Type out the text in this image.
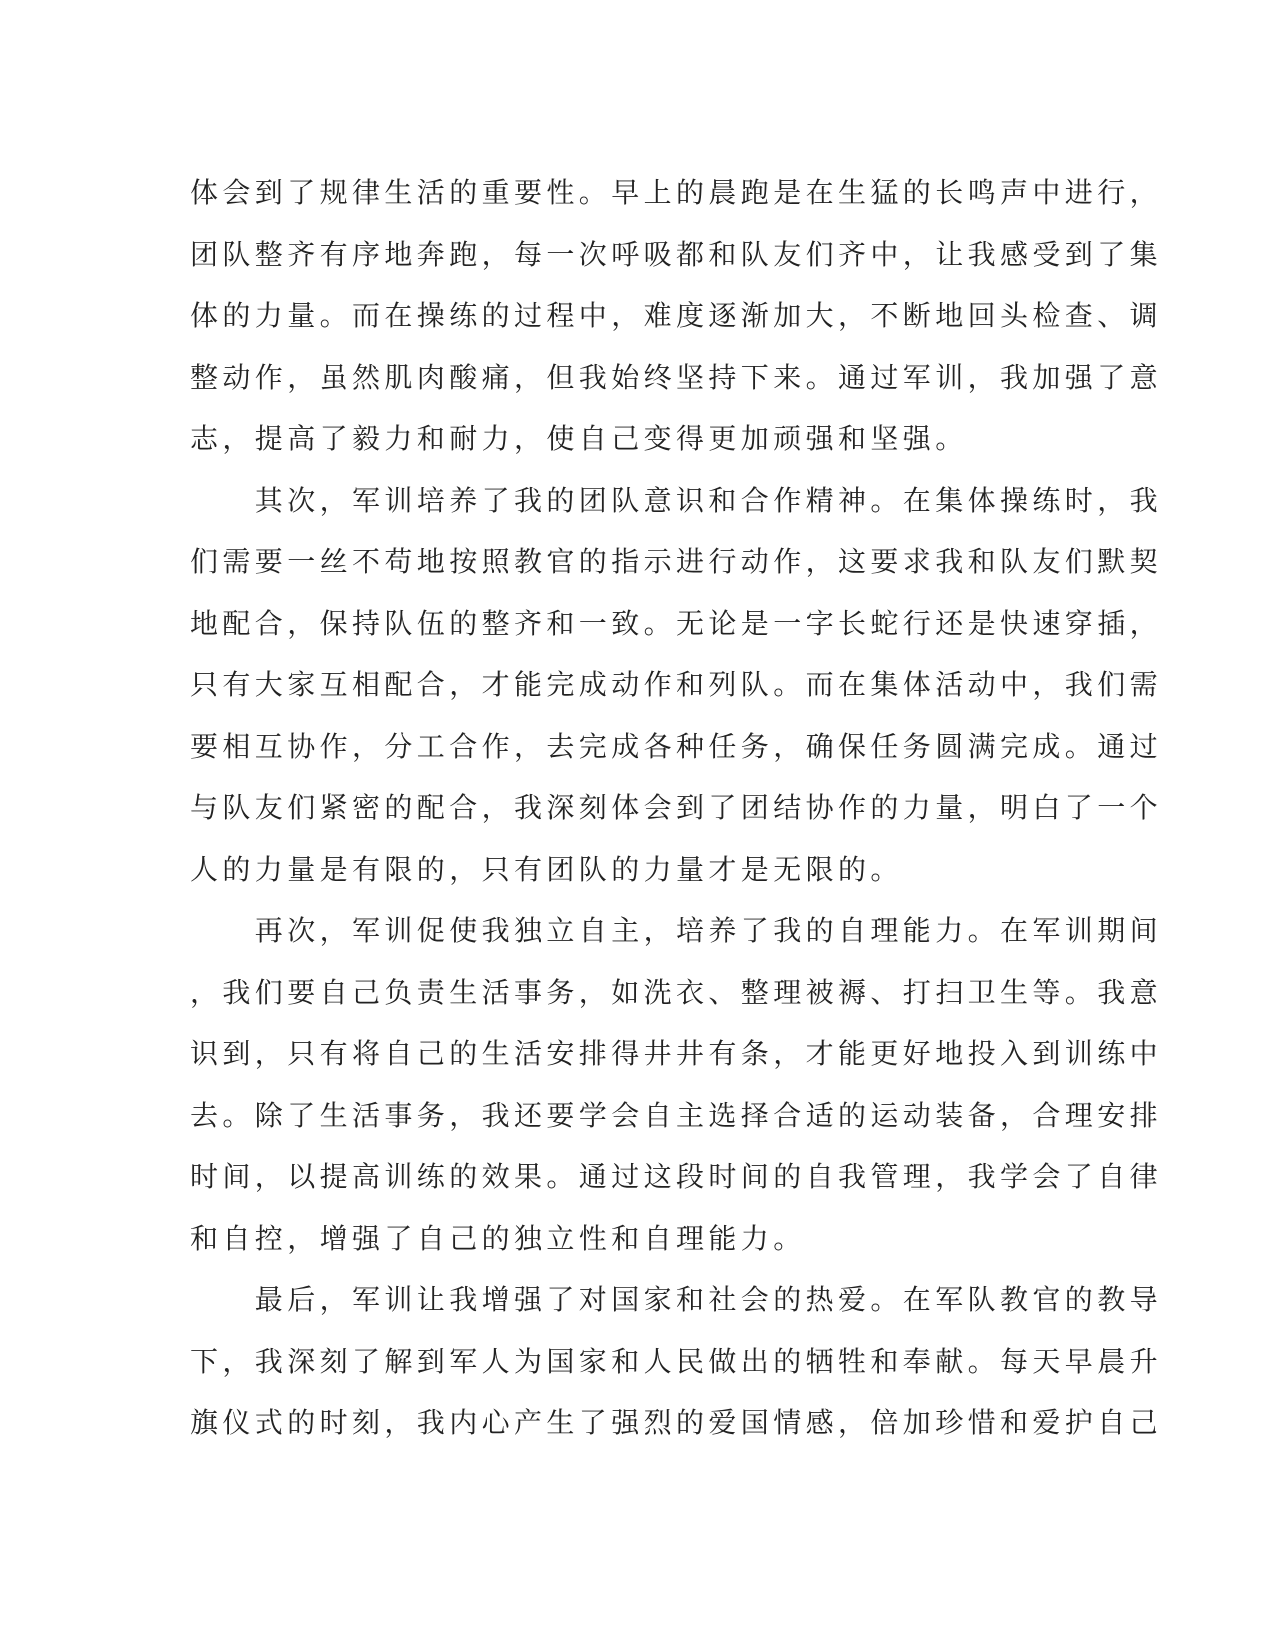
体会到了规律生活的重要性。早上的晨跑是在生猛的长鸣声中进行，
团队整齐有序地奔跑，每一次呼吸都和队友们齐中，让我感受到了集
体的力量。而在操练的过程中，难度逐渐加大，不断地回头检查、调
整动作，虽然肌肉酸痛，但我始终坚持下来。通过军训，我加强了意
志，提高了毅力和耐力，使自己变得更加顽强和坚强。
　　其次，军训培养了我的团队意识和合作精神。在集体操练时，我
们需要一丝不苟地按照教官的指示进行动作，这要求我和队友们默契
地配合，保持队伍的整齐和一致。无论是一字长蛇行还是快速穿插，
只有大家互相配合，才能完成动作和列队。而在集体活动中，我们需
要相互协作，分工合作，去完成各种任务，确保任务圆满完成。通过
与队友们紧密的配合，我深刻体会到了团结协作的力量，明白了一个
人的力量是有限的，只有团队的力量才是无限的。
　　再次，军训促使我独立自主，培养了我的自理能力。在军训期间
，我们要自己负责生活事务，如洗衣、整理被褥、打扫卫生等。我意
识到，只有将自己的生活安排得井井有条，才能更好地投入到训练中
去。除了生活事务，我还要学会自主选择合适的运动装备，合理安排
时间，以提高训练的效果。通过这段时间的自我管理，我学会了自律
和自控，增强了自己的独立性和自理能力。
　　最后，军训让我增强了对国家和社会的热爱。在军队教官的教导
下，我深刻了解到军人为国家和人民做出的牺牲和奉献。每天早晨升
旗仪式的时刻，我内心产生了强烈的爱国情感，倍加珍惜和爱护自己
